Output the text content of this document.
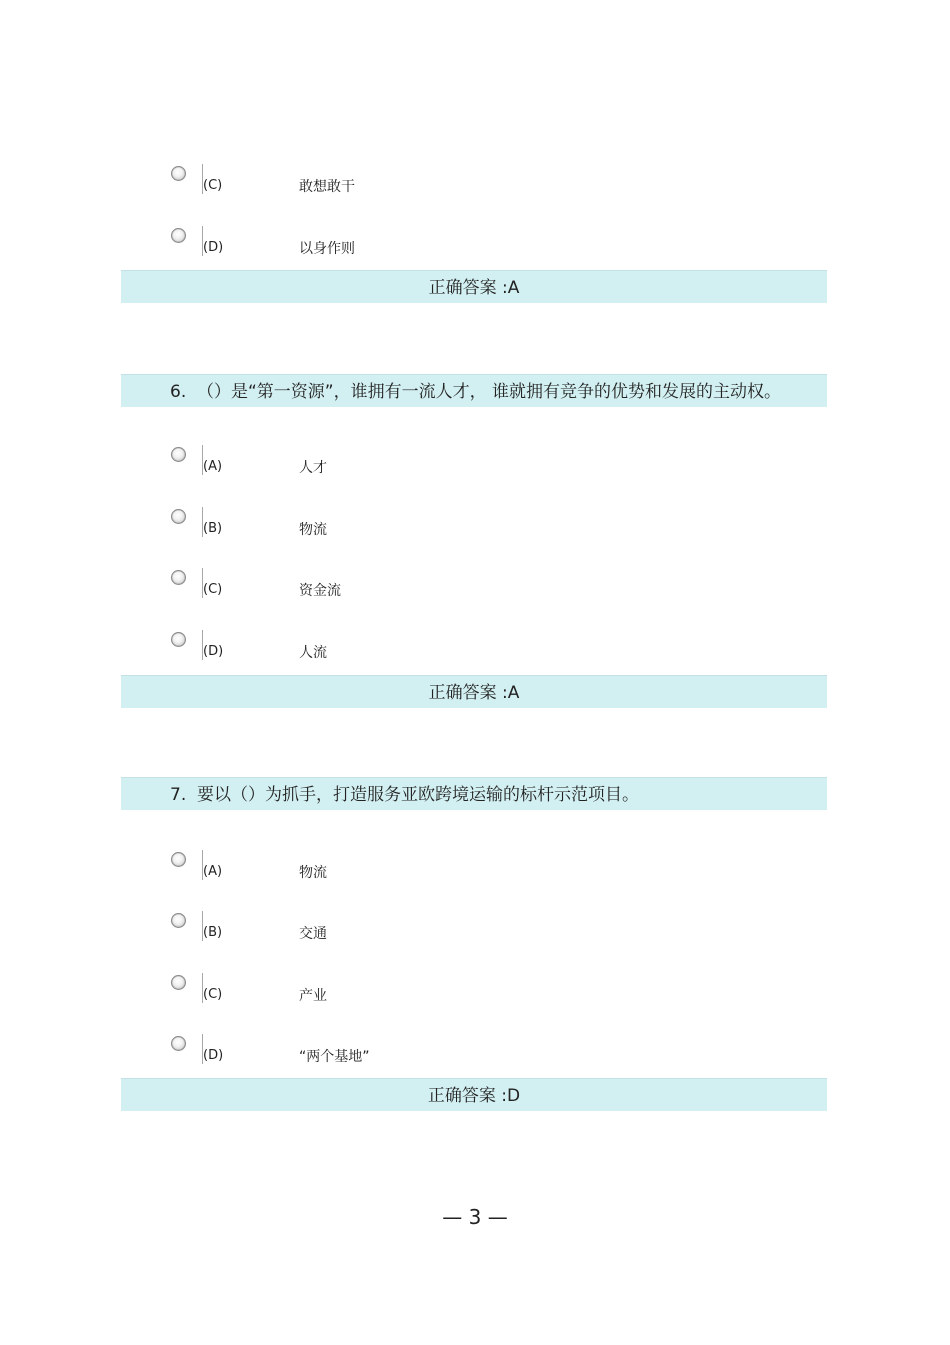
(C)	敢想敢干
(D)	以身作则
正确答案 :A
6. （）是“第一资源”，谁拥有一流人才， 谁就拥有竞争的优势和发展的主动权。
(A)	人才
(B)	物流
(C)	资金流
(D)	人流
正确答案 :A
7. 要以（）为抓手，打造服务亚欧跨境运输的标杆示范项目。
(A)	物流
(B)	交通
(C)	产业
(D)	“两个基地”
正确答案 :D
— 3 —
